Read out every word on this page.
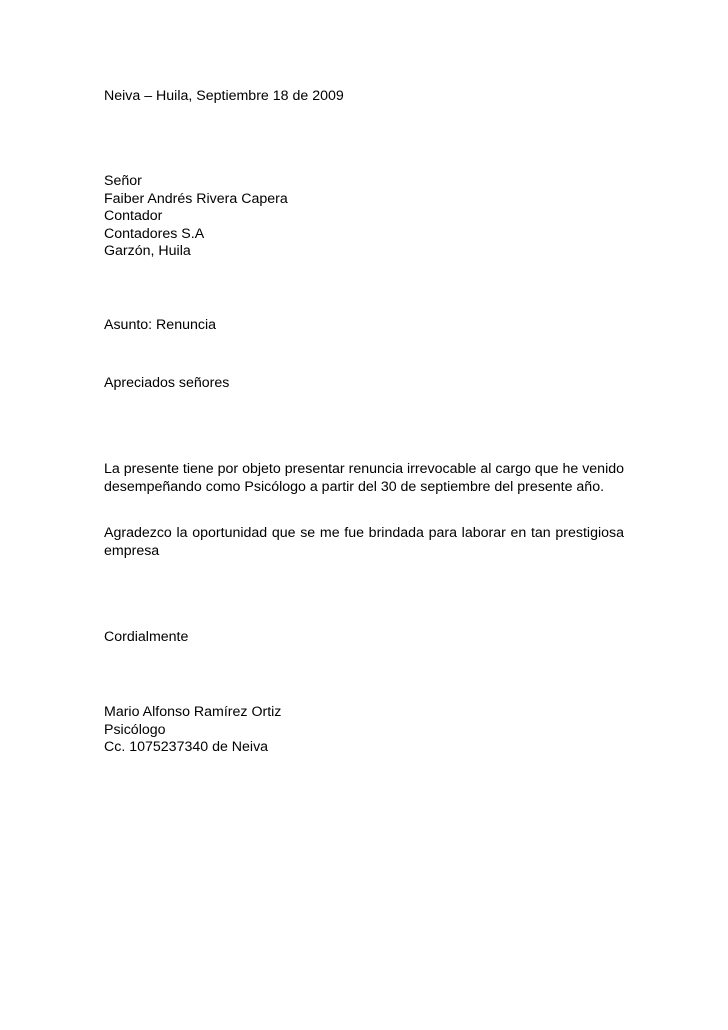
Neiva – Huila, Septiembre 18 de 2009
Señor
Faiber Andrés Rivera Capera
Contador
Contadores S.A
Garzón, Huila
Asunto: Renuncia
Apreciados señores

La presente tiene por objeto presentar renuncia irrevocable al cargo que he venido desempeñando como Psicólogo a partir del 30 de septiembre del presente año.

Agradezco la oportunidad que se me fue brindada para laborar en tan prestigiosa empresa

Cordialmente
Mario Alfonso Ramírez Ortiz
Psicólogo
Cc. 1075237340 de Neiva
